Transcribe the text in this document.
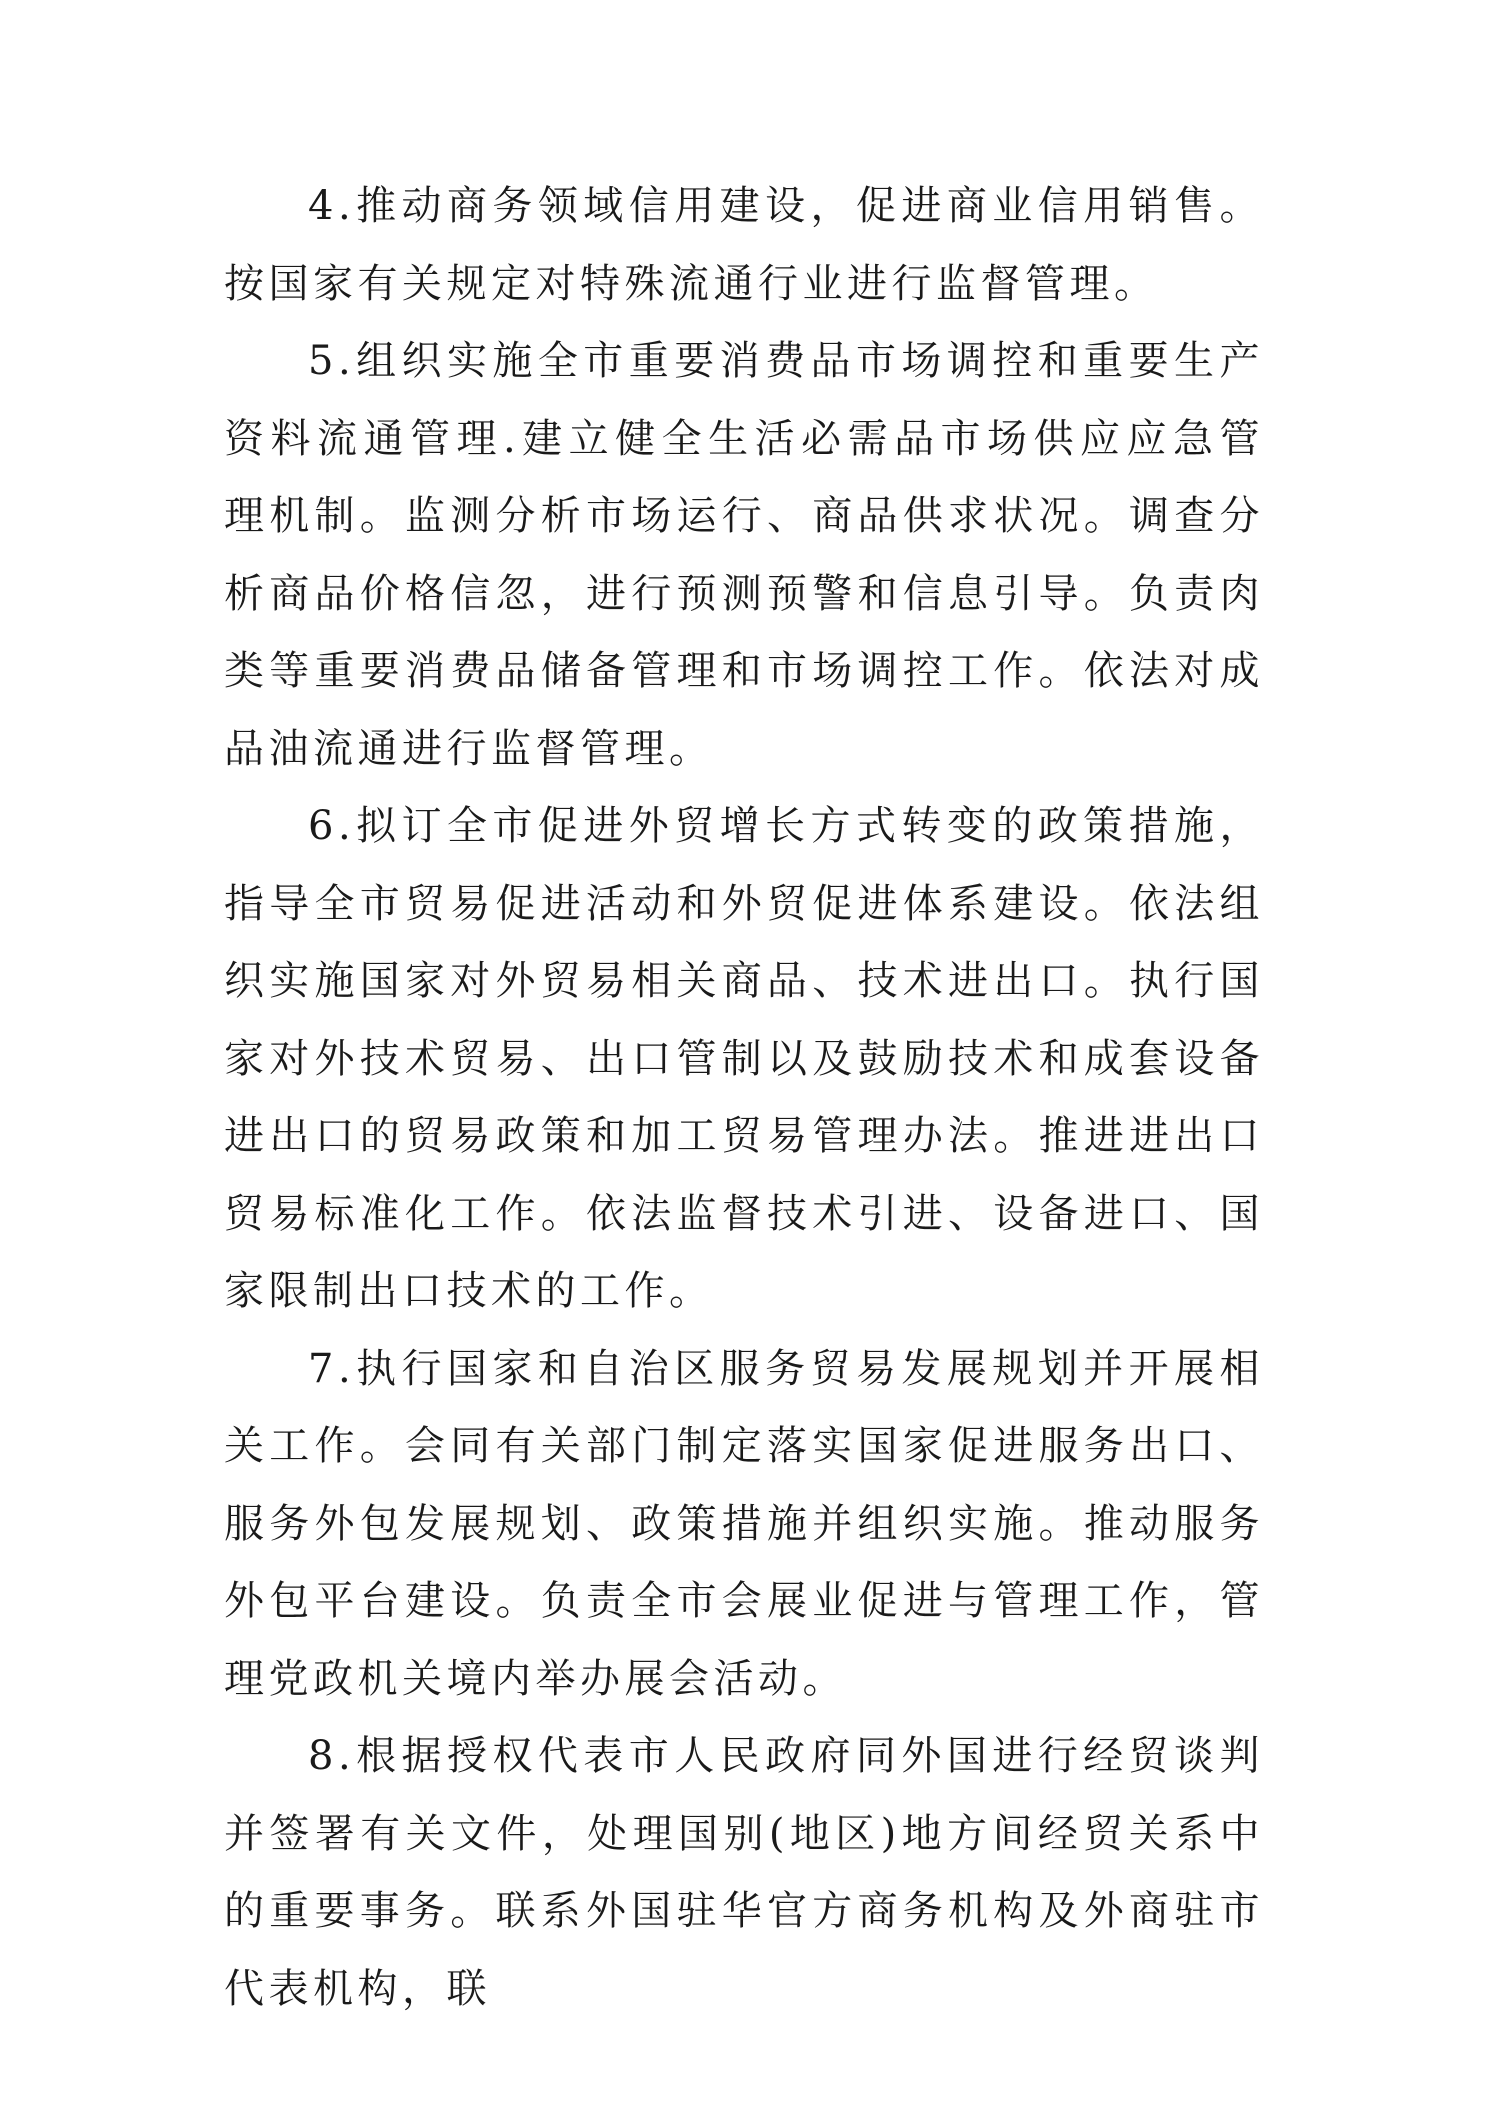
4.推动商务领域信用建设，促进商业信用销售。按国家有关规定对特殊流通行业进行监督管理。

5.组织实施全市重要消费品市场调控和重要生产资料流通管理.建立健全生活必需品市场供应应急管理机制。监测分析市场运行、商品供求状况。调查分析商品价格信忽，进行预测预警和信息引导。负责肉类等重要消费品储备管理和市场调控工作。依法对成品油流通进行监督管理。

6.拟订全市促进外贸增长方式转变的政策措施，指导全市贸易促进活动和外贸促进体系建设。依法组织实施国家对外贸易相关商品、技术进出口。执行国家对外技术贸易、出口管制以及鼓励技术和成套设备进出口的贸易政策和加工贸易管理办法。推进进出口贸易标准化工作。依法监督技术引进、设备进口、国家限制出口技术的工作。

7.执行国家和自治区服务贸易发展规划并开展相关工作。会同有关部门制定落实国家促进服务出口、服务外包发展规划、政策措施并组织实施。推动服务外包平台建设。负责全市会展业促进与管理工作，管理党政机关境内举办展会活动。

8.根据授权代表市人民政府同外国进行经贸谈判并签署有关文件，处理国别(地区)地方间经贸关系中的重要事务。联系外国驻华官方商务机构及外商驻市代表机构，联
